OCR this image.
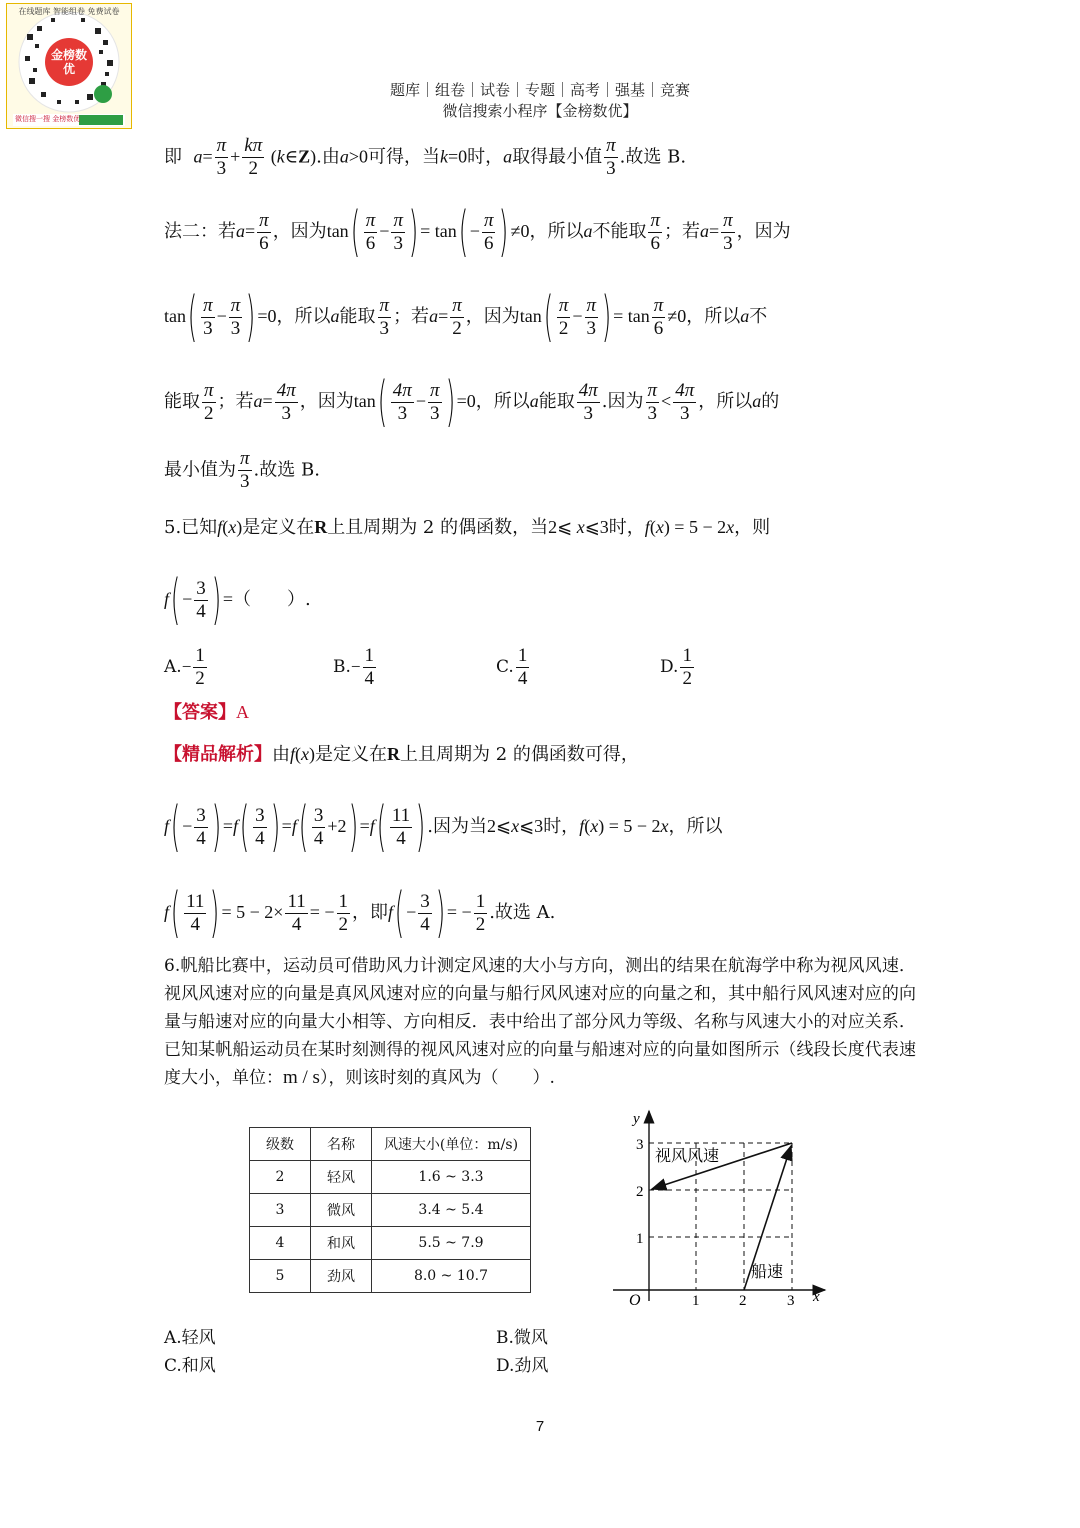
金榜数优
在线题库 智能组卷 免费试卷
微信搜一搜 金榜数优
题库｜组卷｜试卷｜专题｜高考｜强基｜竞赛
微信搜索小程序【金榜数优】
即 $a= \frac{\pi}{3} + \frac{k\pi}{2}$ (k∈Z).由a>0可得，当k=0时，a取得最小值 $\frac{\pi}{3}$ .故选 B.
法二：若$a= \frac{\pi}{6}$ ，因为$\tan( \frac{\pi}{6} - \frac{\pi}{3}$ )= $\tan(- \frac{\pi}{6} )\ne 0$，所以a不能取 $\frac{\pi}{6}$ ；若$a= \frac{\pi}{3}$ ，因为
$\tan( \frac{\pi}{3} - \frac{\pi}{3} )=0$，所以a能取 $\frac{\pi}{3}$ ；若$a= \frac{\pi}{2}$ ，因为$\tan( \frac{\pi}{2} - \frac{\pi}{3}$ )= $\tan \frac{\pi}{6} \ne 0$，所以a不
能取 $\frac{\pi}{2}$ ；若$a= \frac{4\pi}{3}$ ，因为$\tan( \frac{4\pi}{3} - \frac{\pi}{3} )=0$，所以a能取 $\frac{4\pi}{3}$ .因为 $\frac{\pi}{3} < \frac{4\pi}{3}$ ，所以a的
最小值为 $\frac{\pi}{3}$ .故选 B.
5.已知f(x)是定义在R上且周期为 2 的偶函数，当2⩽ x⩽3时，f(x) = 5 − 2x，则
$f(- \frac{3}{4}$ )=（　　）.
$A.- \frac{1}{2}$	$B.- \frac{1}{4}$	C. $\frac{1}{4}$	D. $\frac{1}{2}$
【答案】A
【精品解析】由f(x)是定义在R上且周期为 2 的偶函数可得，
$f(- \frac{3}{4} )=f( \frac{3}{4} )=f( \frac{3}{4} +2)=f( \frac{11}{4}$ ).因为当2⩽x⩽3时，f(x) = 5 − 2x，所以
$f( \frac{11}{4}$ )= $5 - 2\times \frac{11}{4}$ = − $\frac{1}{2}$ ，即$f(- \frac{3}{4}$ )= − $\frac{1}{2}$ .故选 A.
6.帆船比赛中，运动员可借助风力计测定风速的大小与方向，测出的结果在航海学中称为视风风速．视风风速对应的向量是真风风速对应的向量与船行风风速对应的向量之和，其中船行风风速对应的向量与船速对应的向量大小相等、方向相反．表中给出了部分风力等级、名称与风速大小的对应关系．已知某帆船运动员在某时刻测得的视风风速对应的向量与船速对应的向量如图所示（线段长度代表速度大小，单位：m / s），则该时刻的真风为（　　）.
级数	名称	风速大小(单位：m/s)
2	轻风	1.6 ~ 3.3
3	微风	3.4 ~ 5.4
4	和风	5.5 ~ 7.9
5	劲风	8.0 ~ 10.7
视风风速
船速
y
x
O	1	2	3
1
2
3
A.轻风	B.微风
C.和风	D.劲风
7
